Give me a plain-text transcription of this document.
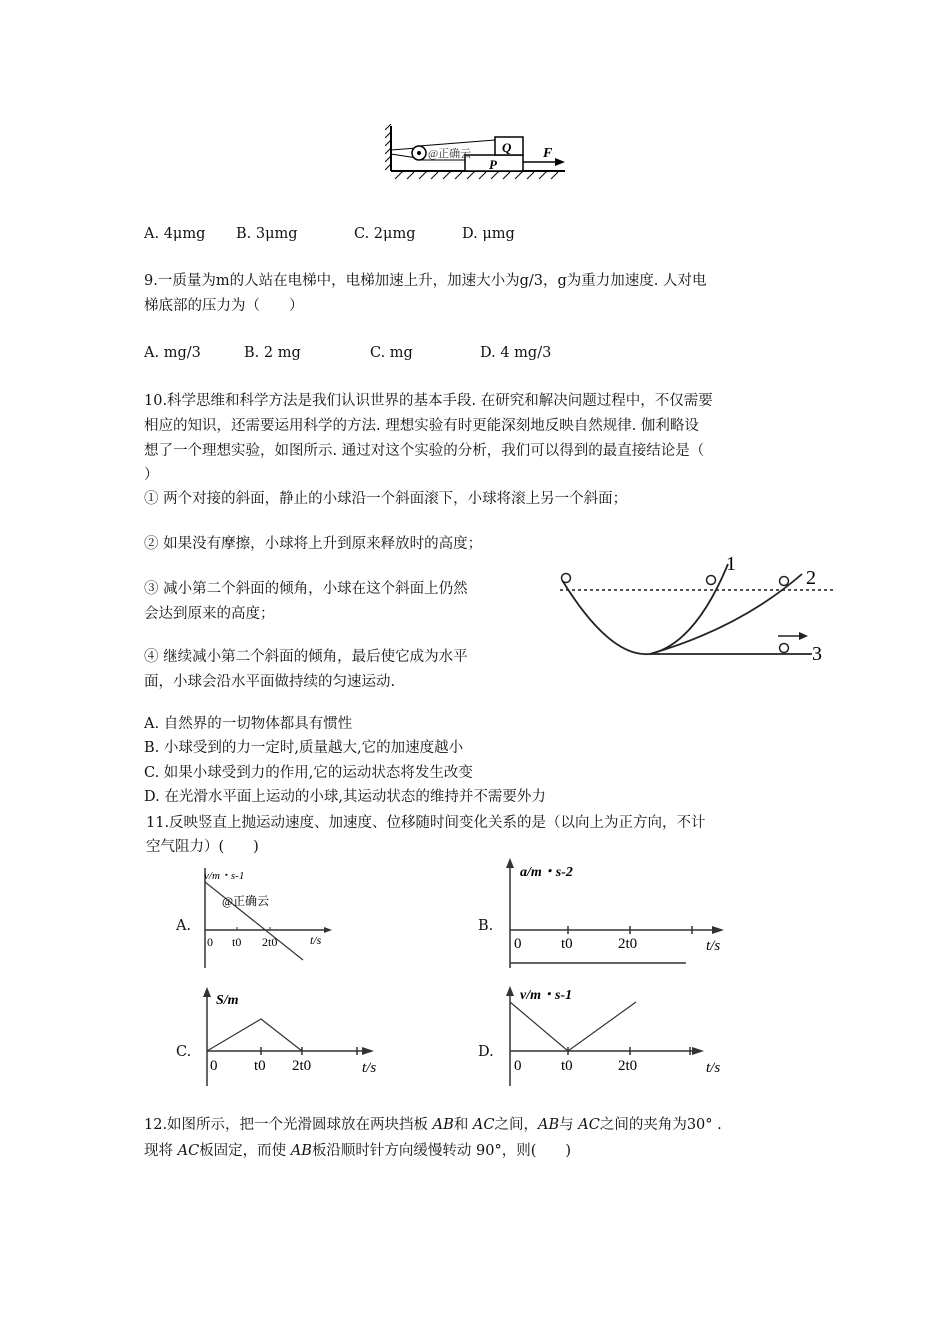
@正确云 Q
P
F
A. 4μmg B. 3μmg	C. 2μmg	D. μmg
9.一质量为m的人站在电梯中，电梯加速上升，加速大小为g/3，g为重力加速度. 人对电
梯底部的压力为（　　）
A. mg/3	B. 2 mg	C. mg	D. 4 mg/3
10.科学思维和科学方法是我们认识世界的基本手段. 在研究和解决问题过程中，不仅需要
相应的知识，还需要运用科学的方法. 理想实验有时更能深刻地反映自然规律. 伽利略设
想了一个理想实验，如图所示. 通过对这个实验的分析，我们可以得到的最直接结论是（
）
① 两个对接的斜面，静止的小球沿一个斜面滚下，小球将滚上另一个斜面；
② 如果没有摩擦，小球将上升到原来释放时的高度；
③ 减小第二个斜面的倾角，小球在这个斜面上仍然
会达到原来的高度；
④ 继续减小第二个斜面的倾角，最后使它成为水平
面，小球会沿水平面做持续的匀速运动.
1
2
3
A. 自然界的一切物体都具有惯性
B. 小球受到的力一定时,质量越大,它的加速度越小
C. 如果小球受到力的作用,它的运动状态将发生改变
D. 在光滑水平面上运动的小球,其运动状态的维持并不需要外力
11.反映竖直上抛运动速度、加速度、位移随时间变化关系的是（以向上为正方向，不计
空气阻力）(　　)
A.
v/m・s-1
@正确云
0 t0 2t0	t/s
B.
a/m・s-2
0	t0	2t0	t/s
C.
S/m
0 t0 2t0	t/s
D.
v/m・s-1
0	t0	2t0	t/s
12.如图所示，把一个光滑圆球放在两块挡板 AB和 AC之间，AB与 AC之间的夹角为30° .
现将 AC板固定，而使 AB板沿顺时针方向缓慢转动 90°，则(　　)
